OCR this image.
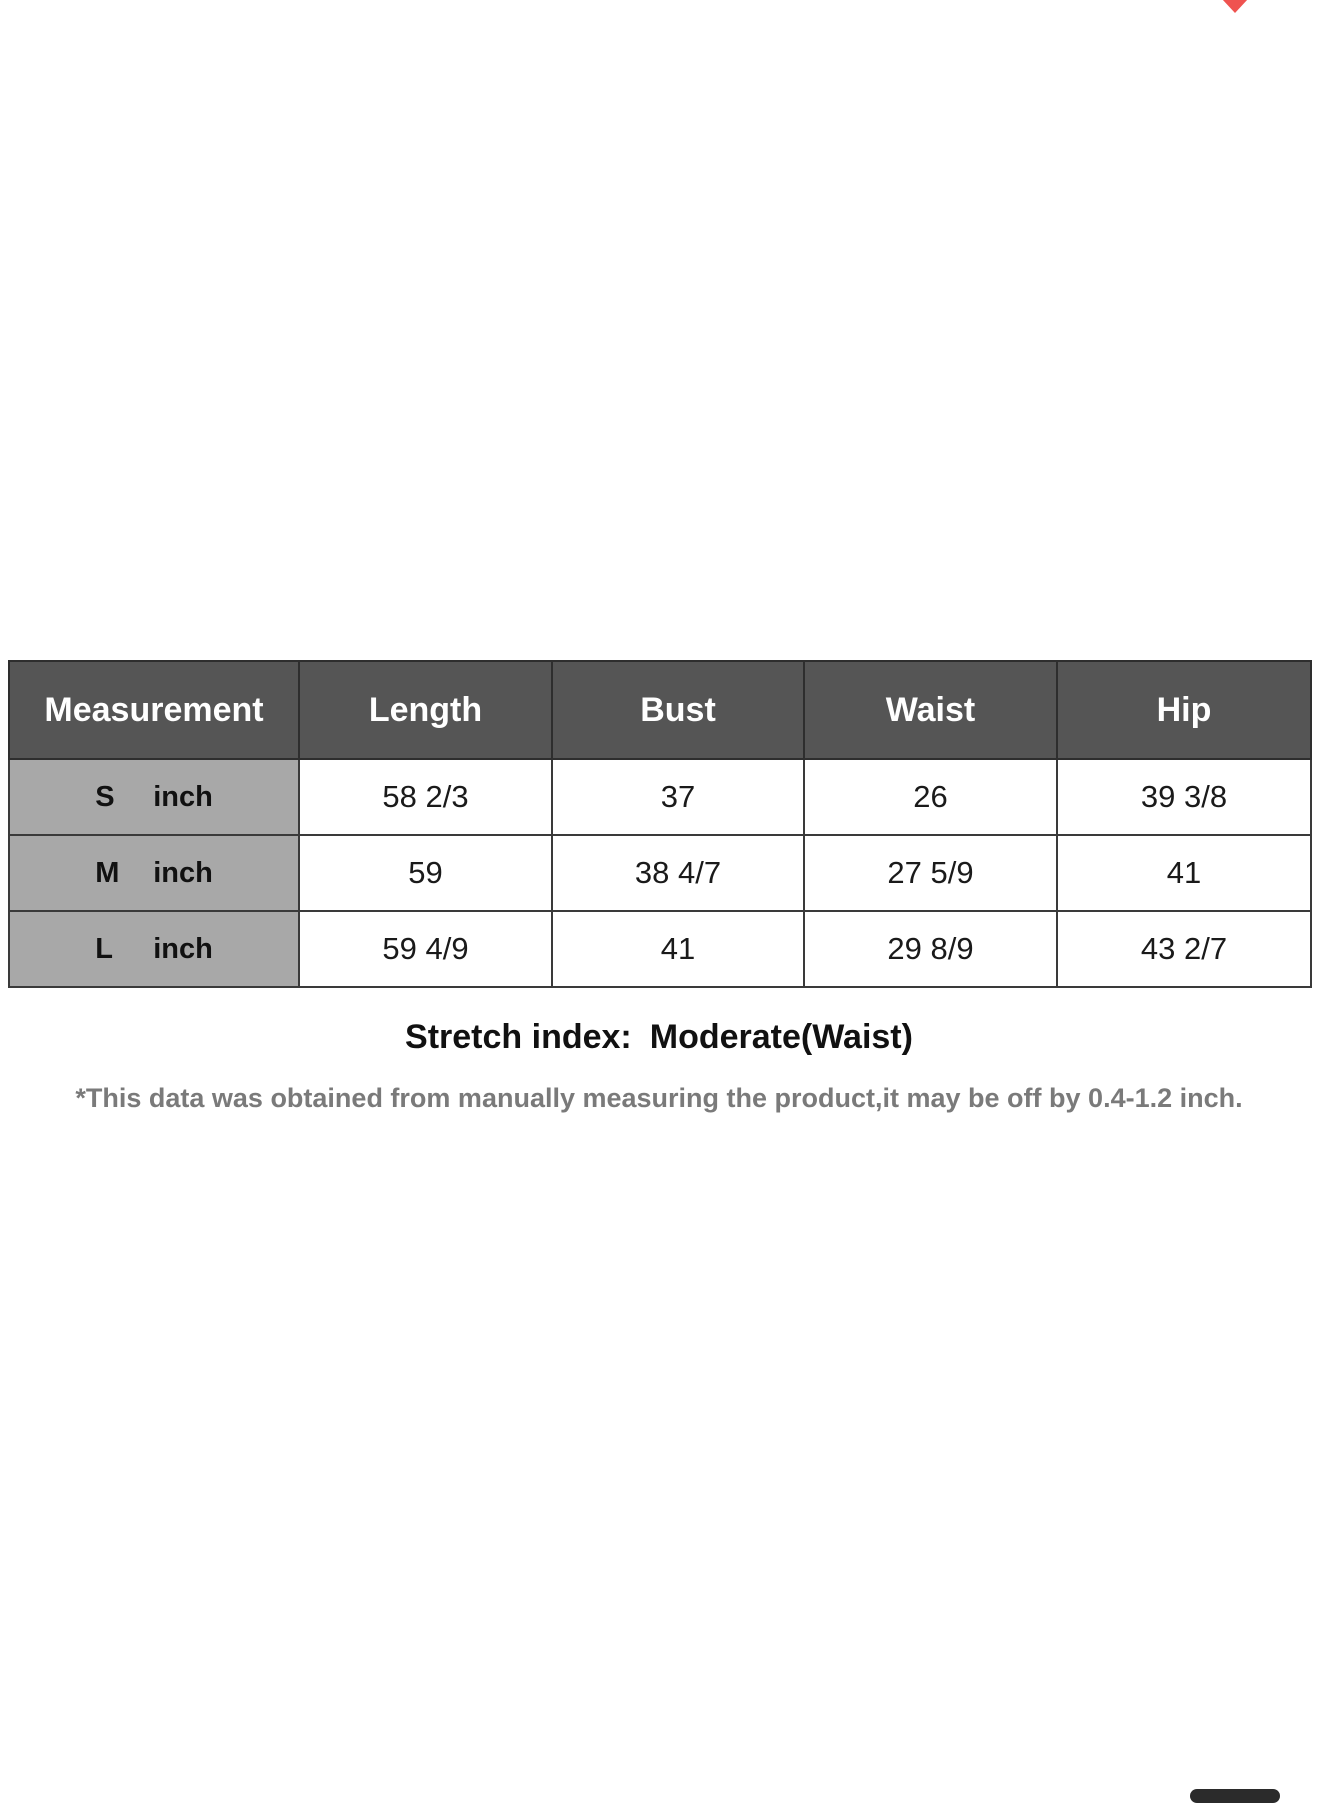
Measurement	Length	Bust	Waist	Hip
S inch	58 2/3	37	26	39 3/8
M inch	59	38 4/7	27 5/9	41
L inch	59 4/9	41	29 8/9	43 2/7
Stretch index: Moderate(Waist)
*This data was obtained from manually measuring the product,it may be off by 0.4-1.2 inch.
